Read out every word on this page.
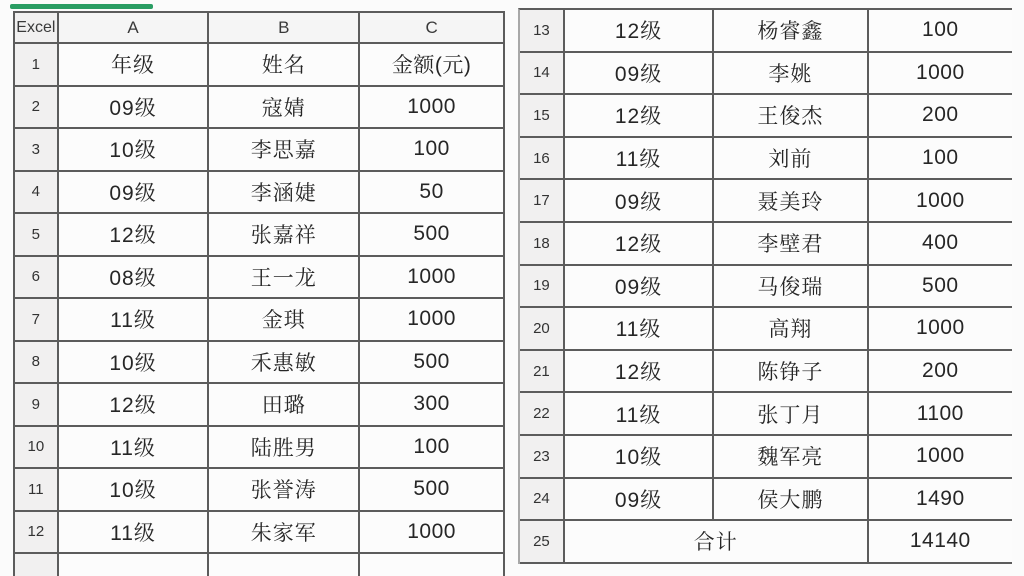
Excel	A	B	C
1	年级	姓名	金额(元)
2	09级	寇婧	1000
3	10级	李思嘉	100
4	09级	李涵婕	50
5	12级	张嘉祥	500
6	08级	王一龙	1000
7	11级	金琪	1000
8	10级	禾惠敏	500
9	12级	田璐	300
10	11级	陆胜男	100
11	10级	张誉涛	500
12	11级	朱家军	1000
13	12级	杨睿鑫	100
14	09级	李姚	1000
15	12级	王俊杰	200
16	11级	刘前	100
17	09级	聂美玲	1000
18	12级	李壁君	400
19	09级	马俊瑞	500
20	11级	高翔	1000
21	12级	陈铮子	200
22	11级	张丁月	1100
23	10级	魏军亮	1000
24	09级	侯大鹏	1490
25	合计	14140
